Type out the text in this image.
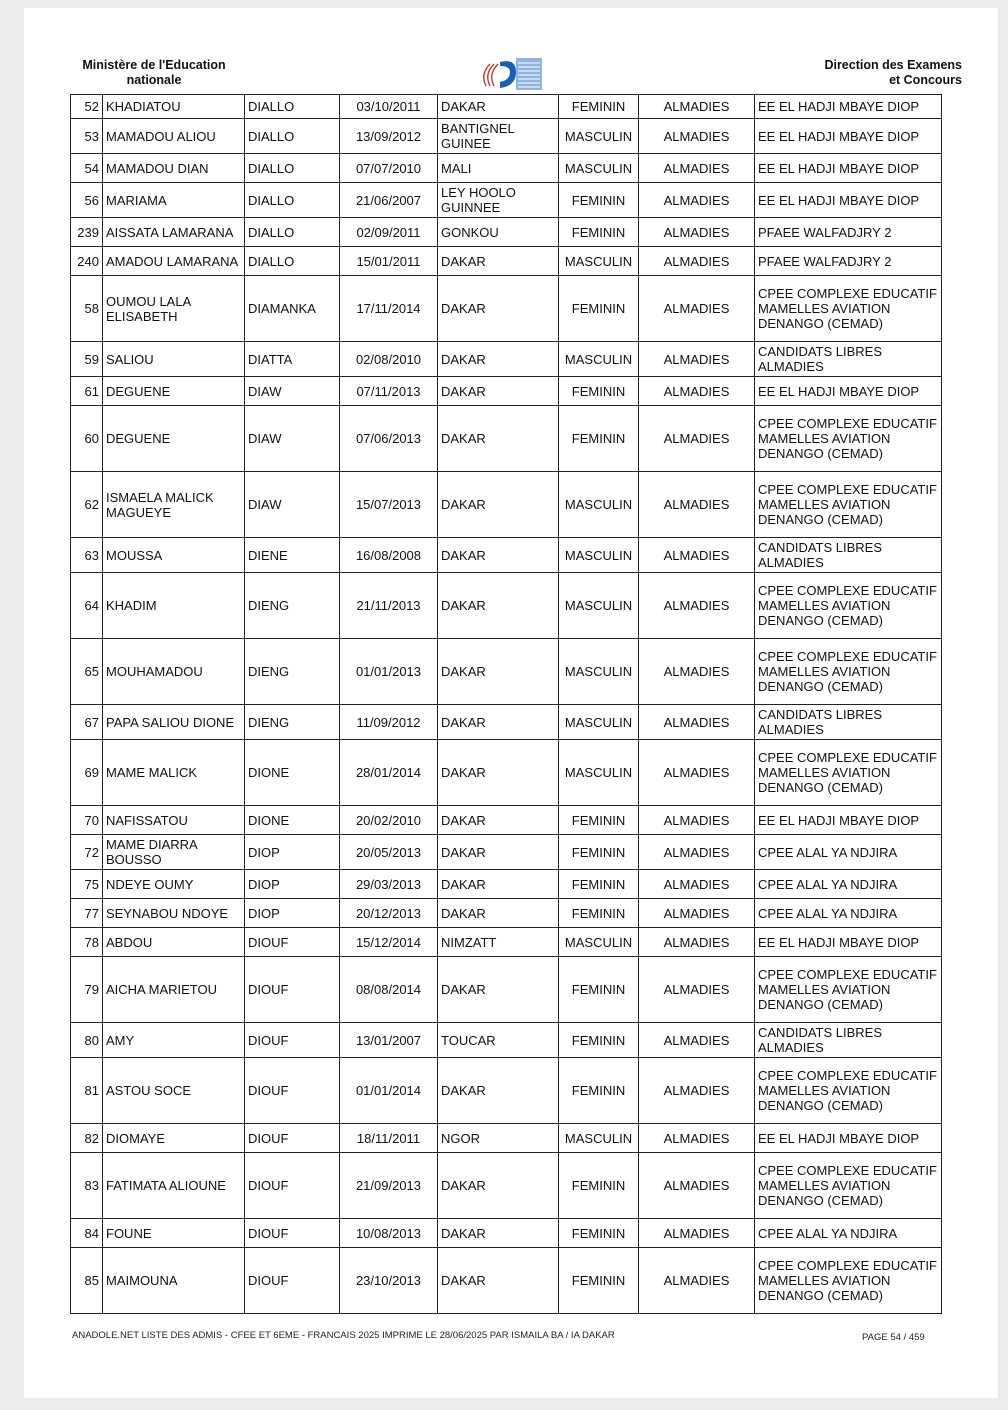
Ministère de l'Education
nationale
Direction des Examens
et Concours
52	KHADIATOU	DIALLO	03/10/2011	DAKAR	FEMININ	ALMADIES	EE EL HADJI MBAYE DIOP
53	MAMADOU ALIOU	DIALLO	13/09/2012	BANTIGNEL GUINEE	MASCULIN	ALMADIES	EE EL HADJI MBAYE DIOP
54	MAMADOU DIAN	DIALLO	07/07/2010	MALI	MASCULIN	ALMADIES	EE EL HADJI MBAYE DIOP
56	MARIAMA	DIALLO	21/06/2007	LEY HOOLO GUINNEE	FEMININ	ALMADIES	EE EL HADJI MBAYE DIOP
239	AISSATA LAMARANA	DIALLO	02/09/2011	GONKOU	FEMININ	ALMADIES	PFAEE WALFADJRY 2
240	AMADOU LAMARANA	DIALLO	15/01/2011	DAKAR	MASCULIN	ALMADIES	PFAEE WALFADJRY 2
58	OUMOU LALA ELISABETH	DIAMANKA	17/11/2014	DAKAR	FEMININ	ALMADIES	CPEE COMPLEXE EDUCATIF MAMELLES AVIATION DENANGO (CEMAD)
59	SALIOU	DIATTA	02/08/2010	DAKAR	MASCULIN	ALMADIES	CANDIDATS LIBRES ALMADIES
61	DEGUENE	DIAW	07/11/2013	DAKAR	FEMININ	ALMADIES	EE EL HADJI MBAYE DIOP
60	DEGUENE	DIAW	07/06/2013	DAKAR	FEMININ	ALMADIES	CPEE COMPLEXE EDUCATIF MAMELLES AVIATION DENANGO (CEMAD)
62	ISMAELA MALICK MAGUEYE	DIAW	15/07/2013	DAKAR	MASCULIN	ALMADIES	CPEE COMPLEXE EDUCATIF MAMELLES AVIATION DENANGO (CEMAD)
63	MOUSSA	DIENE	16/08/2008	DAKAR	MASCULIN	ALMADIES	CANDIDATS LIBRES ALMADIES
64	KHADIM	DIENG	21/11/2013	DAKAR	MASCULIN	ALMADIES	CPEE COMPLEXE EDUCATIF MAMELLES AVIATION DENANGO (CEMAD)
65	MOUHAMADOU	DIENG	01/01/2013	DAKAR	MASCULIN	ALMADIES	CPEE COMPLEXE EDUCATIF MAMELLES AVIATION DENANGO (CEMAD)
67	PAPA SALIOU DIONE	DIENG	11/09/2012	DAKAR	MASCULIN	ALMADIES	CANDIDATS LIBRES ALMADIES
69	MAME MALICK	DIONE	28/01/2014	DAKAR	MASCULIN	ALMADIES	CPEE COMPLEXE EDUCATIF MAMELLES AVIATION DENANGO (CEMAD)
70	NAFISSATOU	DIONE	20/02/2010	DAKAR	FEMININ	ALMADIES	EE EL HADJI MBAYE DIOP
72	MAME DIARRA BOUSSO	DIOP	20/05/2013	DAKAR	FEMININ	ALMADIES	CPEE ALAL YA NDJIRA
75	NDEYE OUMY	DIOP	29/03/2013	DAKAR	FEMININ	ALMADIES	CPEE ALAL YA NDJIRA
77	SEYNABOU NDOYE	DIOP	20/12/2013	DAKAR	FEMININ	ALMADIES	CPEE ALAL YA NDJIRA
78	ABDOU	DIOUF	15/12/2014	NIMZATT	MASCULIN	ALMADIES	EE EL HADJI MBAYE DIOP
79	AICHA MARIETOU	DIOUF	08/08/2014	DAKAR	FEMININ	ALMADIES	CPEE COMPLEXE EDUCATIF MAMELLES AVIATION DENANGO (CEMAD)
80	AMY	DIOUF	13/01/2007	TOUCAR	FEMININ	ALMADIES	CANDIDATS LIBRES ALMADIES
81	ASTOU SOCE	DIOUF	01/01/2014	DAKAR	FEMININ	ALMADIES	CPEE COMPLEXE EDUCATIF MAMELLES AVIATION DENANGO (CEMAD)
82	DIOMAYE	DIOUF	18/11/2011	NGOR	MASCULIN	ALMADIES	EE EL HADJI MBAYE DIOP
83	FATIMATA ALIOUNE	DIOUF	21/09/2013	DAKAR	FEMININ	ALMADIES	CPEE COMPLEXE EDUCATIF MAMELLES AVIATION DENANGO (CEMAD)
84	FOUNE	DIOUF	10/08/2013	DAKAR	FEMININ	ALMADIES	CPEE ALAL YA NDJIRA
85	MAIMOUNA	DIOUF	23/10/2013	DAKAR	FEMININ	ALMADIES	CPEE COMPLEXE EDUCATIF MAMELLES AVIATION DENANGO (CEMAD)
ANADOLE.NET LISTE DES ADMIS - CFEE ET 6EME - FRANCAIS 2025 IMPRIME LE 28/06/2025 PAR ISMAILA BA / IA DAKAR	PAGE 54 / 459
